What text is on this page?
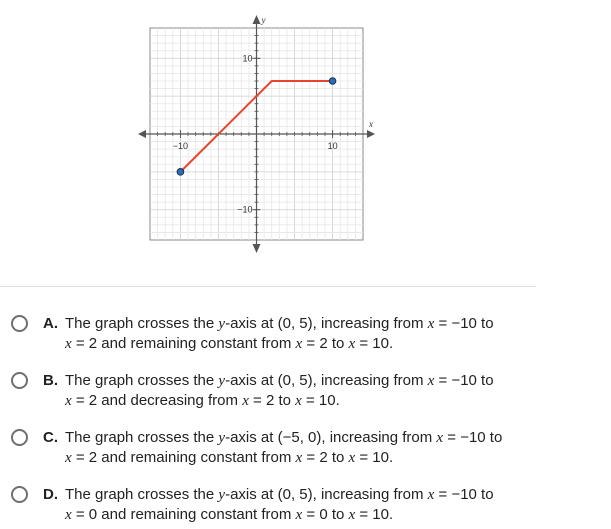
x
y
−10	10
10
−10
A. The graph crosses the y-axis at (0, 5), increasing from x = −10 to
x = 2 and remaining constant from x = 2 to x = 10.
B. The graph crosses the y-axis at (0, 5), increasing from x = −10 to
x = 2 and decreasing from x = 2 to x = 10.
C. The graph crosses the y-axis at (−5, 0), increasing from x = −10 to
x = 2 and remaining constant from x = 2 to x = 10.
D. The graph crosses the y-axis at (0, 5), increasing from x = −10 to
x = 0 and remaining constant from x = 0 to x = 10.
